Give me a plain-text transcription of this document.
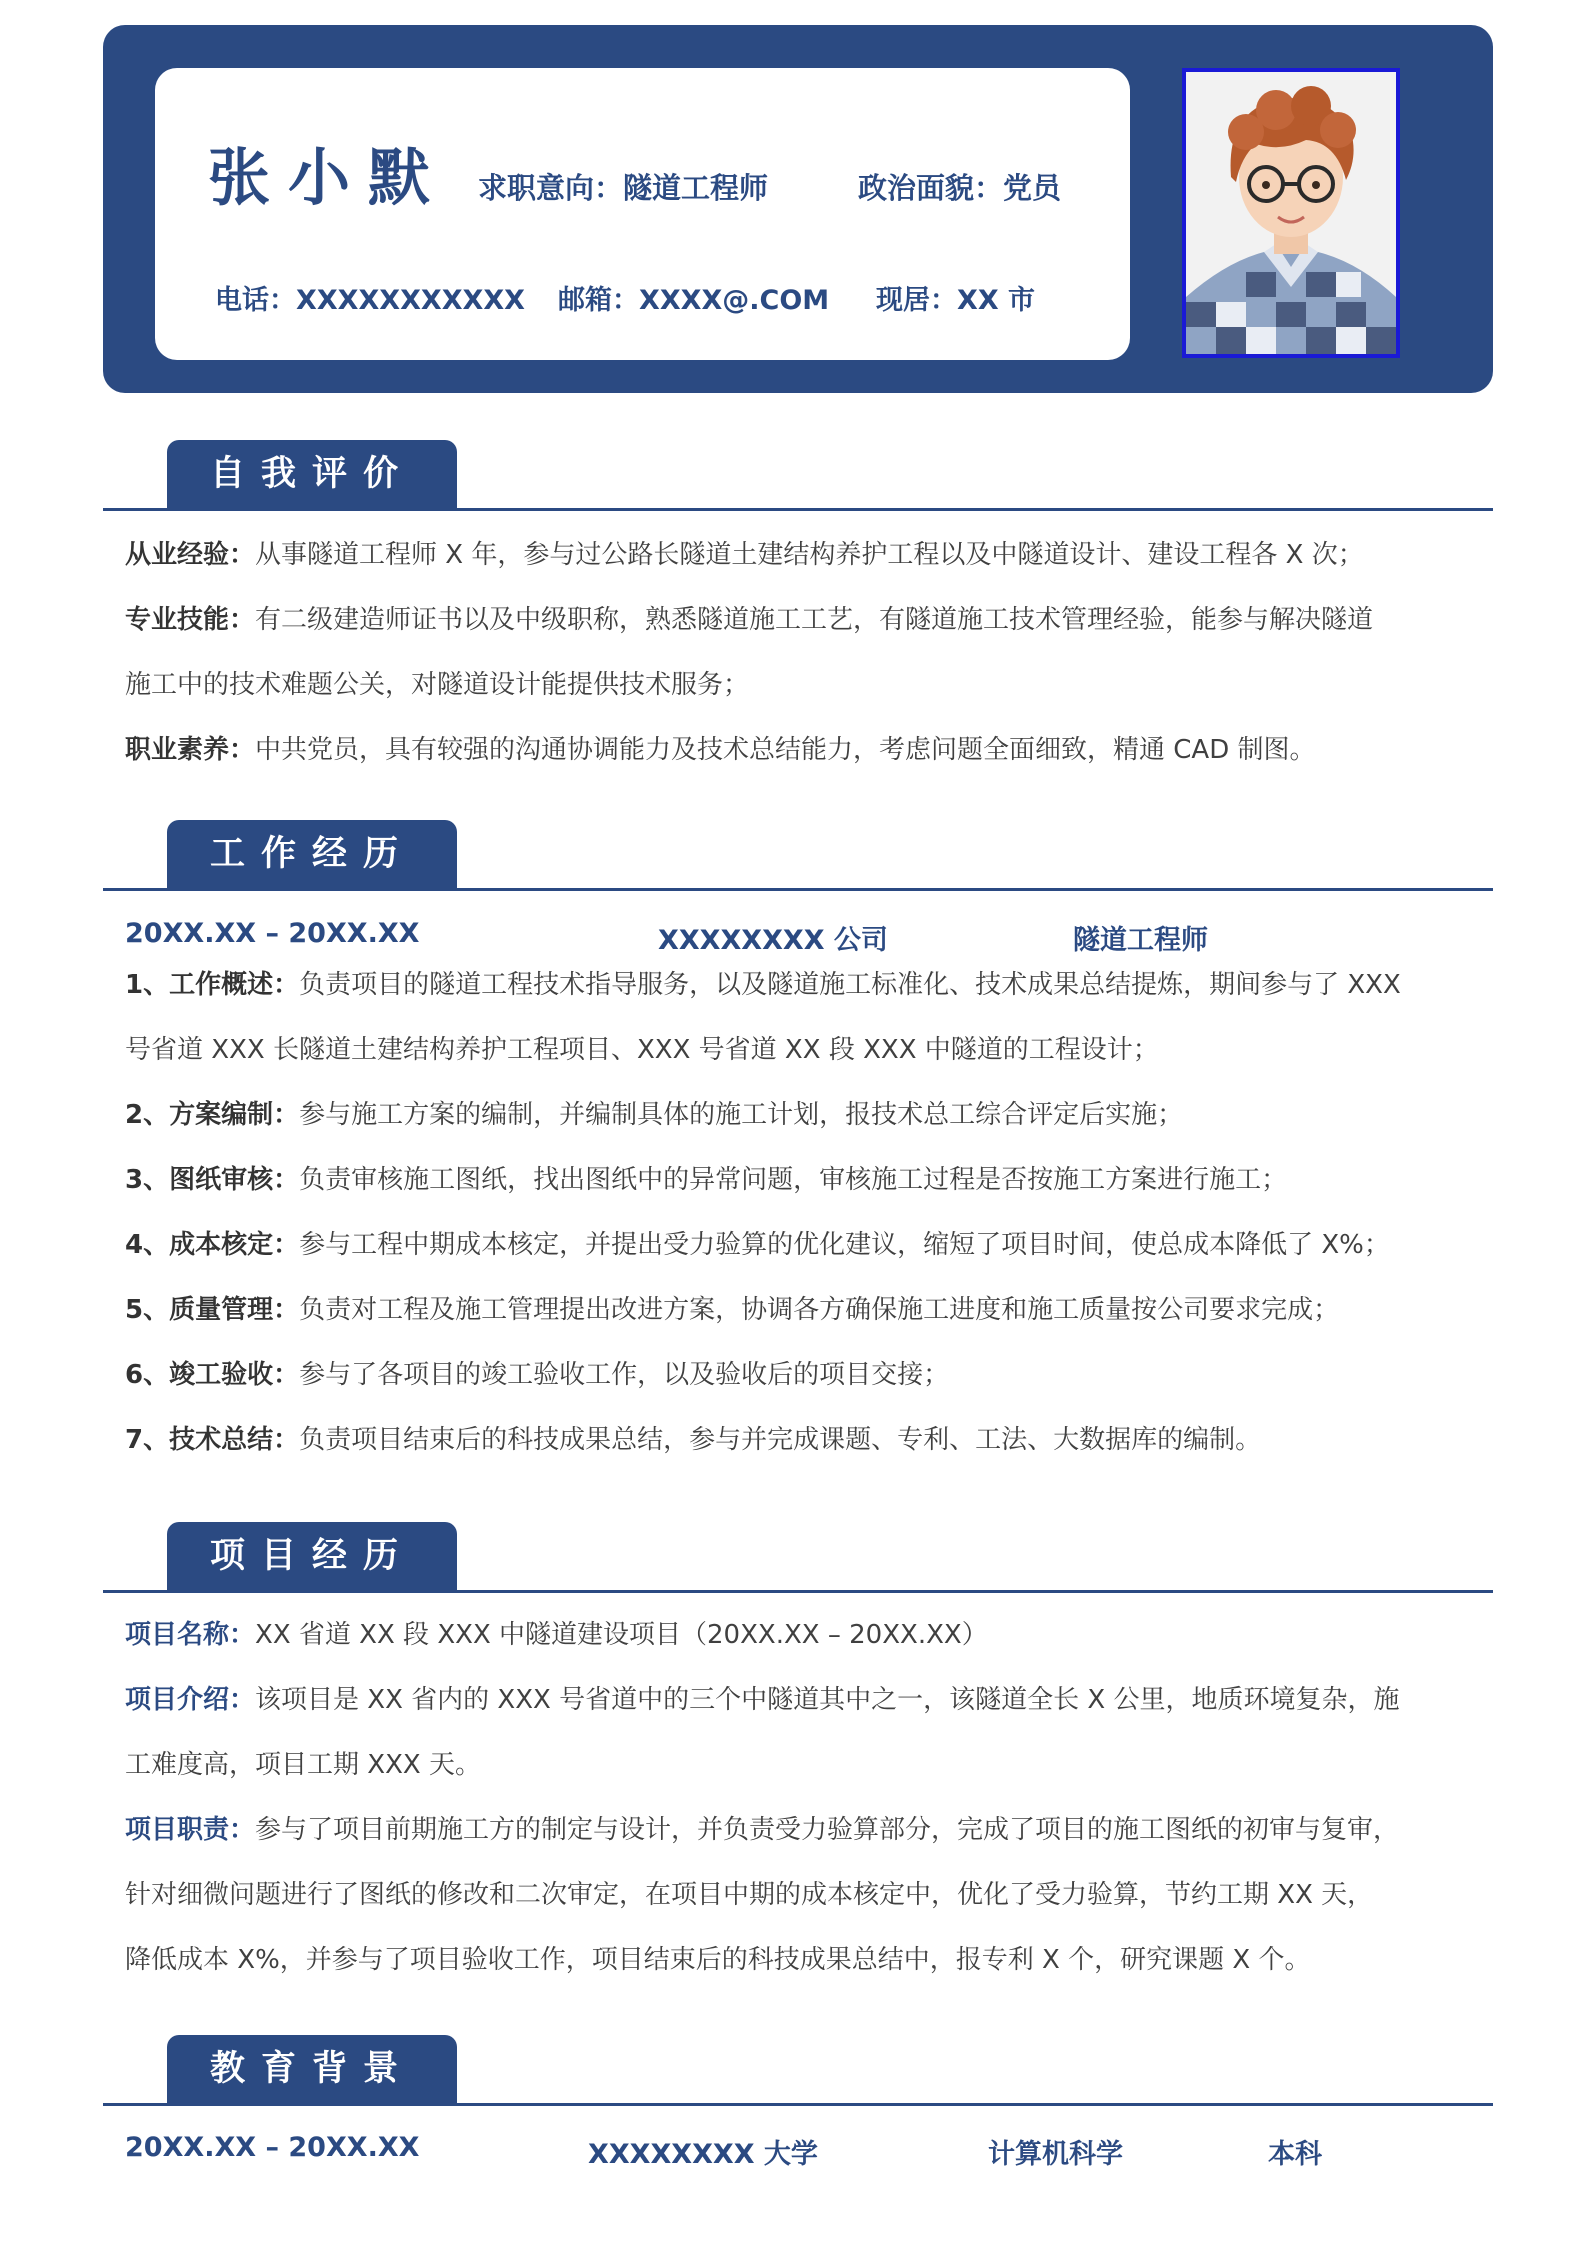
张小默 求职意向：隧道工程师	政治面貌：党员
电话：XXXXXXXXXXX 邮箱：XXXX@.COM 现居：XX 市
自我评价
从业经验：从事隧道工程师 X 年，参与过公路长隧道土建结构养护工程以及中隧道设计、建设工程各 X 次；
专业技能：有二级建造师证书以及中级职称，熟悉隧道施工工艺，有隧道施工技术管理经验，能参与解决隧道
施工中的技术难题公关，对隧道设计能提供技术服务；
职业素养：中共党员，具有较强的沟通协调能力及技术总结能力，考虑问题全面细致，精通 CAD 制图。
工作经历
20XX.XX – 20XX.XX	XXXXXXXX 公司	隧道工程师
1、工作概述：负责项目的隧道工程技术指导服务，以及隧道施工标准化、技术成果总结提炼，期间参与了 XXX
号省道 XXX 长隧道土建结构养护工程项目、XXX 号省道 XX 段 XXX 中隧道的工程设计；
2、方案编制：参与施工方案的编制，并编制具体的施工计划，报技术总工综合评定后实施；
3、图纸审核：负责审核施工图纸，找出图纸中的异常问题，审核施工过程是否按施工方案进行施工；
4、成本核定：参与工程中期成本核定，并提出受力验算的优化建议，缩短了项目时间，使总成本降低了 X%；
5、质量管理：负责对工程及施工管理提出改进方案，协调各方确保施工进度和施工质量按公司要求完成；
6、竣工验收：参与了各项目的竣工验收工作，以及验收后的项目交接；
7、技术总结：负责项目结束后的科技成果总结，参与并完成课题、专利、工法、大数据库的编制。
项目经历
项目名称：XX 省道 XX 段 XXX 中隧道建设项目（20XX.XX – 20XX.XX）
项目介绍：该项目是 XX 省内的 XXX 号省道中的三个中隧道其中之一，该隧道全长 X 公里，地质环境复杂，施
工难度高，项目工期 XXX 天。
项目职责：参与了项目前期施工方的制定与设计，并负责受力验算部分，完成了项目的施工图纸的初审与复审，
针对细微问题进行了图纸的修改和二次审定，在项目中期的成本核定中，优化了受力验算，节约工期 XX 天，
降低成本 X%，并参与了项目验收工作，项目结束后的科技成果总结中，报专利 X 个，研究课题 X 个。
教育背景
20XX.XX – 20XX.XX	XXXXXXXX 大学	计算机科学	本科
